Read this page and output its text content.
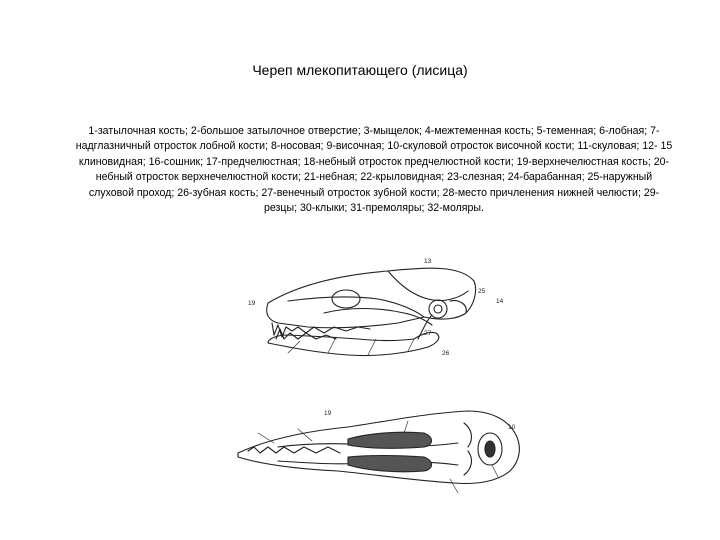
Череп млекопитающего (лисица)
1-затылочная кость; 2-большое затылочное отверстие; 3-мыщелок; 4-межтеменная кость; 5-теменная; 6-лобная; 7-надглазничный отросток лобной кости; 8-носовая; 9-височная; 10-скуловой отросток височной кости; 11-скуловая; 12- 15 клиновидная; 16-сошник; 17-предчелюстная; 18-небный отросток предчелюстной кости; 19-верхнечелюстная кость; 20- небный отросток верхнечелюстной кости; 21-небная; 22-крыловидная; 23-слезная; 24-барабанная; 25-наружный слуховой проход; 26-зубная кость; 27-венечный отросток зубной кости; 28-место причленения нижней челюсти; 29-резцы; 30-клыки; 31-премоляры; 32-моляры.
25
13
19	14
19
10
26
27
